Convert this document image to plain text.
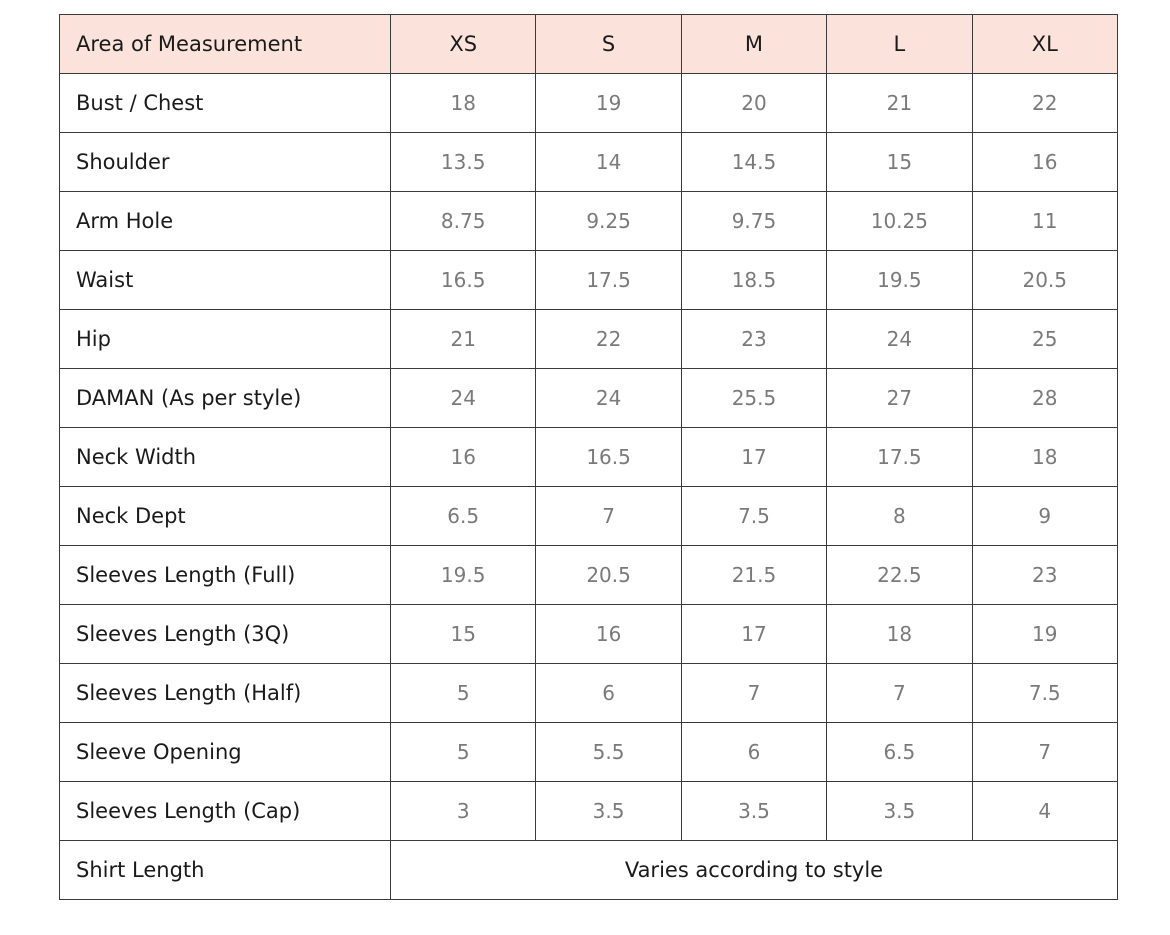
Area of Measurement	XS	S	M	L	XL
Bust / Chest	18	19	20	21	22
Shoulder	13.5	14	14.5	15	16
Arm Hole	8.75	9.25	9.75	10.25	11
Waist	16.5	17.5	18.5	19.5	20.5
Hip	21	22	23	24	25
DAMAN (As per style)	24	24	25.5	27	28
Neck Width	16	16.5	17	17.5	18
Neck Dept	6.5	7	7.5	8	9
Sleeves Length (Full)	19.5	20.5	21.5	22.5	23
Sleeves Length (3Q)	15	16	17	18	19
Sleeves Length (Half)	5	6	7	7	7.5
Sleeve Opening	5	5.5	6	6.5	7
Sleeves Length (Cap)	3	3.5	3.5	3.5	4
Shirt Length	Varies according to style				
